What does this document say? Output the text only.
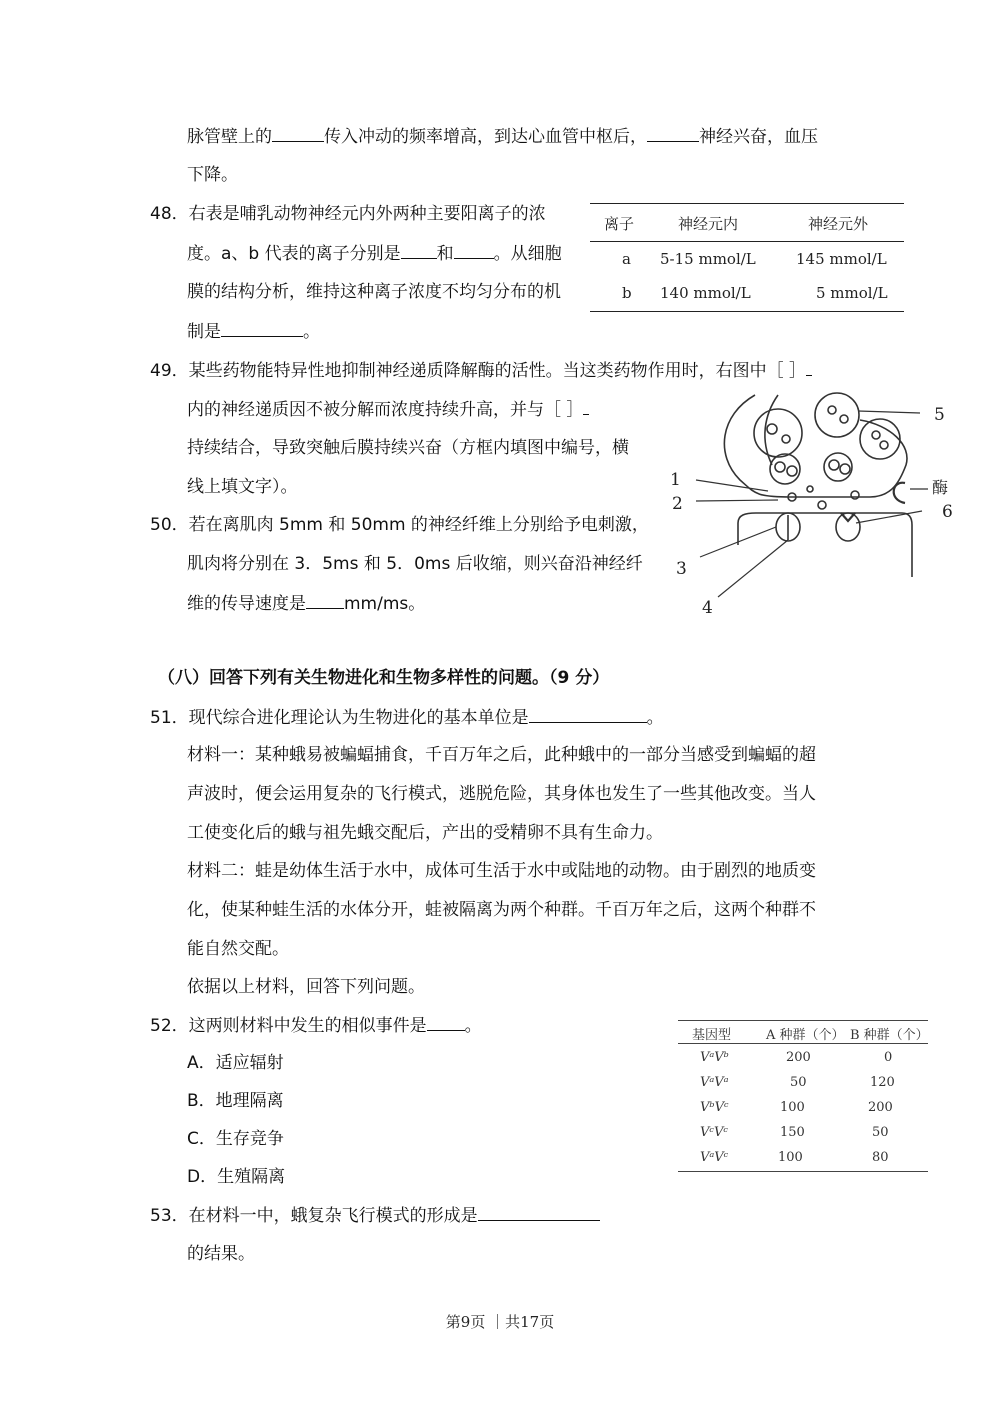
脉管壁上的	传入冲动的频率增高，到达心血管中枢后，	神经兴奋，血压
下降。
48．右表是哺乳动物神经元内外两种主要阳离子的浓
度。a、b 代表的离子分别是 和 。从细胞
膜的结构分析，维持这种离子浓度不均匀分布的机
制是	。
离子	神经元内	神经元外
a 5-15 mmol/L	145 mmol/L
b 140 mmol/L	5 mmol/L
49．某些药物能特异性地抑制神经递质降解酶的活性。当这类药物作用时，右图中［ ］
内的神经递质因不被分解而浓度持续升高，并与［ ］
持续结合，导致突触后膜持续兴奋（方框内填图中编号，横
线上填文字）。
50．若在离肌肉 5mm 和 50mm 的神经纤维上分别给予电刺激，
肌肉将分别在 3．5ms 和 5．0ms 后收缩，则兴奋沿神经纤
维的传导速度是 mm/ms。
1
2
3
4
5
6
酶
（八）回答下列有关生物进化和生物多样性的问题。（9 分）
51．现代综合进化理论认为生物进化的基本单位是	。
材料一：某种蛾易被蝙蝠捕食，千百万年之后，此种蛾中的一部分当感受到蝙蝠的超
声波时，便会运用复杂的飞行模式，逃脱危险，其身体也发生了一些其他改变。当人
工使变化后的蛾与祖先蛾交配后，产出的受精卵不具有生命力。
材料二：蛙是幼体生活于水中，成体可生活于水中或陆地的动物。由于剧烈的地质变
化，使某种蛙生活的水体分开，蛙被隔离为两个种群。千百万年之后，这两个种群不
能自然交配。
依据以上材料，回答下列问题。
52．这两则材料中发生的相似事件是 。
A．适应辐射
B．地理隔离
C．生存竞争
D．生殖隔离
基因型	A 种群（个） B 种群（个）
VᵃVᵇ	200	0
VᵃVᵃ	50	120
VᵇVᶜ	100	200
VᶜVᶜ	150	50
VᵃVᶜ	100	80
53．在材料一中，蛾复杂飞行模式的形成是
的结果。
第9页 ｜共17页
